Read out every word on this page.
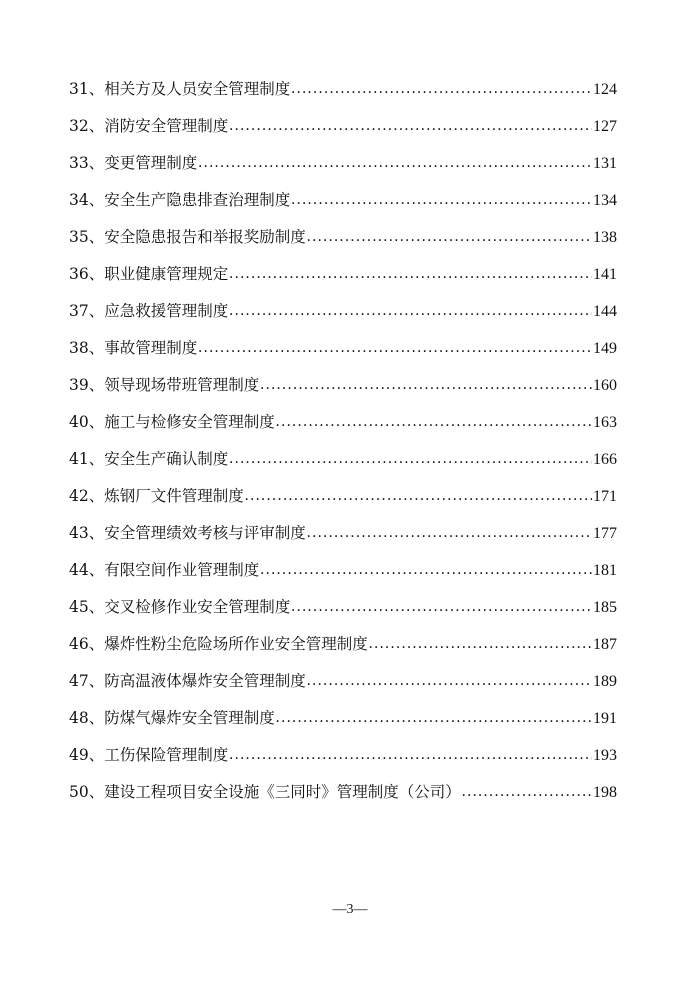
31、 相关方及人员安全管理制度 .....	124
32、 消防安全管理制度 .....	127
33、 变更管理制度 .....	131
34、 安全生产隐患排查治理制度 .....	134
35、 安全隐患报告和举报奖励制度 .....	138
36、 职业健康管理规定 .....	141
37、 应急救援管理制度 .....	144
38、 事故管理制度 .....	149
39、 领导现场带班管理制度 .....	160
40、 施工与检修安全管理制度 .....	163
41、 安全生产确认制度 .....	166
42、 炼钢厂文件管理制度 .....	171
43、 安全管理绩效考核与评审制度 .....	177
44、 有限空间作业管理制度 .....	181
45、 交叉检修作业安全管理制度 .....	185
46、 爆炸性粉尘危险场所作业安全管理制度 .....	187
47、 防高温液体爆炸安全管理制度 .....	189
48、 防煤气爆炸安全管理制度 .....	191
49、 工伤保险管理制度 .....	193
50、 建设工程项目安全设施《三同时》管理制度（公司） .....	198
—3—
